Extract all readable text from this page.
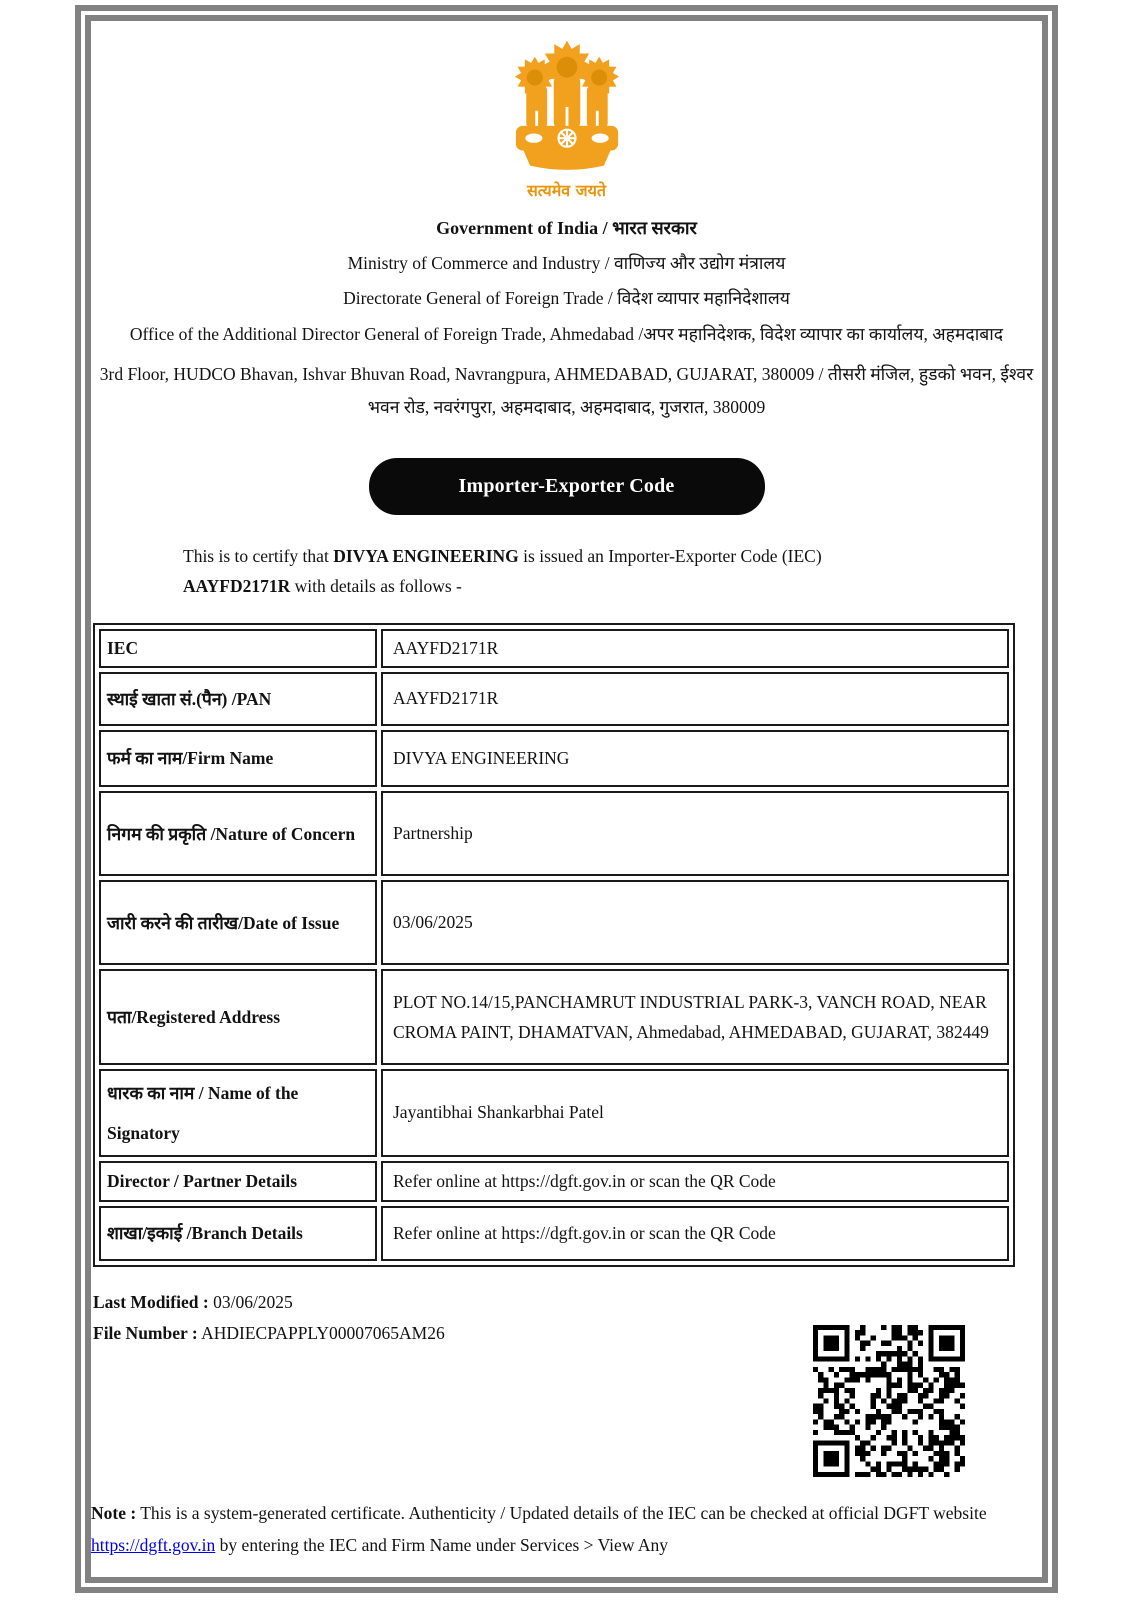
सत्यमेव जयते
Government of India / भारत सरकार
Ministry of Commerce and Industry / वाणिज्य और उद्योग मंत्रालय
Directorate General of Foreign Trade / विदेश व्यापार महानिदेशालय
Office of the Additional Director General of Foreign Trade, Ahmedabad /अपर महानिदेशक, विदेश व्यापार का कार्यालय, अहमदाबाद
3rd Floor, HUDCO Bhavan, Ishvar Bhuvan Road, Navrangpura, AHMEDABAD, GUJARAT, 380009 / तीसरी मंजिल, हुडको भवन, ईश्वर भवन रोड, नवरंगपुरा, अहमदाबाद, अहमदाबाद, गुजरात, 380009
Importer-Exporter Code

This is to certify that DIVYA ENGINEERING is issued an Importer-Exporter Code (IEC) AAYFD2171R with details as follows -

IEC	AAYFD2171R
स्थाई खाता सं.(पैन) /PAN	AAYFD2171R
फर्म का नाम/Firm Name	DIVYA ENGINEERING
निगम की प्रकृति /Nature of Concern	Partnership
जारी करने की तारीख/Date of Issue	03/06/2025
पता/Registered Address	PLOT NO.14/15,PANCHAMRUT INDUSTRIAL PARK-3, VANCH ROAD, NEAR CROMA PAINT, DHAMATVAN, Ahmedabad, AHMEDABAD, GUJARAT, 382449
धारक का नाम / Name of the Signatory	Jayantibhai Shankarbhai Patel
Director / Partner Details	Refer online at https://dgft.gov.in or scan the QR Code
शाखा/इकाई /Branch Details	Refer online at https://dgft.gov.in or scan the QR Code
Last Modified : 03/06/2025
File Number : AHDIECPAPPLY00007065AM26

Note : This is a system-generated certificate. Authenticity / Updated details of the IEC can be checked at official DGFT website https://dgft.gov.in by entering the IEC and Firm Name under Services > View Any
